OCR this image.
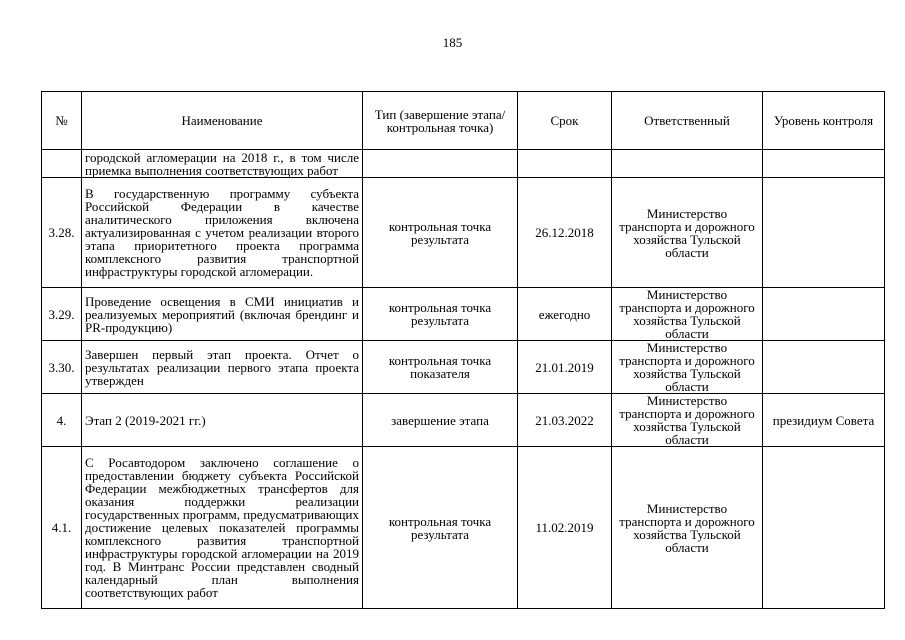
185
№	Наименование	Тип (завершение этапа/контрольная точка)	Срок	Ответственный	Уровень контроля
	городской агломерации на 2018 г., в том числе приемка выполнения соответствующих работ				
3.28.	В государственную программу субъекта Российской Федерации в качестве аналитического приложения включена актуализированная с учетом реализации второго этапа приоритетного проекта программа комплексного развития транспортной инфраструктуры городской агломерации.	контрольная точка результата	26.12.2018	Министерство транспорта и дорожного хозяйства Тульской области	
3.29.	Проведение освещения в СМИ инициатив и реализуемых мероприятий (включая брендинг и PR-продукцию)	контрольная точка результата	ежегодно	Министерство транспорта и дорожного хозяйства Тульской области	
3.30.	Завершен первый этап проекта. Отчет о результатах реализации первого этапа проекта утвержден	контрольная точка показателя	21.01.2019	Министерство транспорта и дорожного хозяйства Тульской области	
4.	Этап 2 (2019-2021 гг.)	завершение этапа	21.03.2022	Министерство транспорта и дорожного хозяйства Тульской области	президиум Совета
4.1.	С Росавтодором заключено соглашение о предоставлении бюджету субъекта Российской Федерации межбюджетных трансфертов для оказания поддержки реализации государственных программ, предусматривающих достижение целевых показателей программы комплексного развития транспортной инфраструктуры городской агломерации на 2019 год. В Минтранс России представлен сводный календарный план выполнения соответствующих работ	контрольная точка результата	11.02.2019	Министерство транспорта и дорожного хозяйства Тульской области	
